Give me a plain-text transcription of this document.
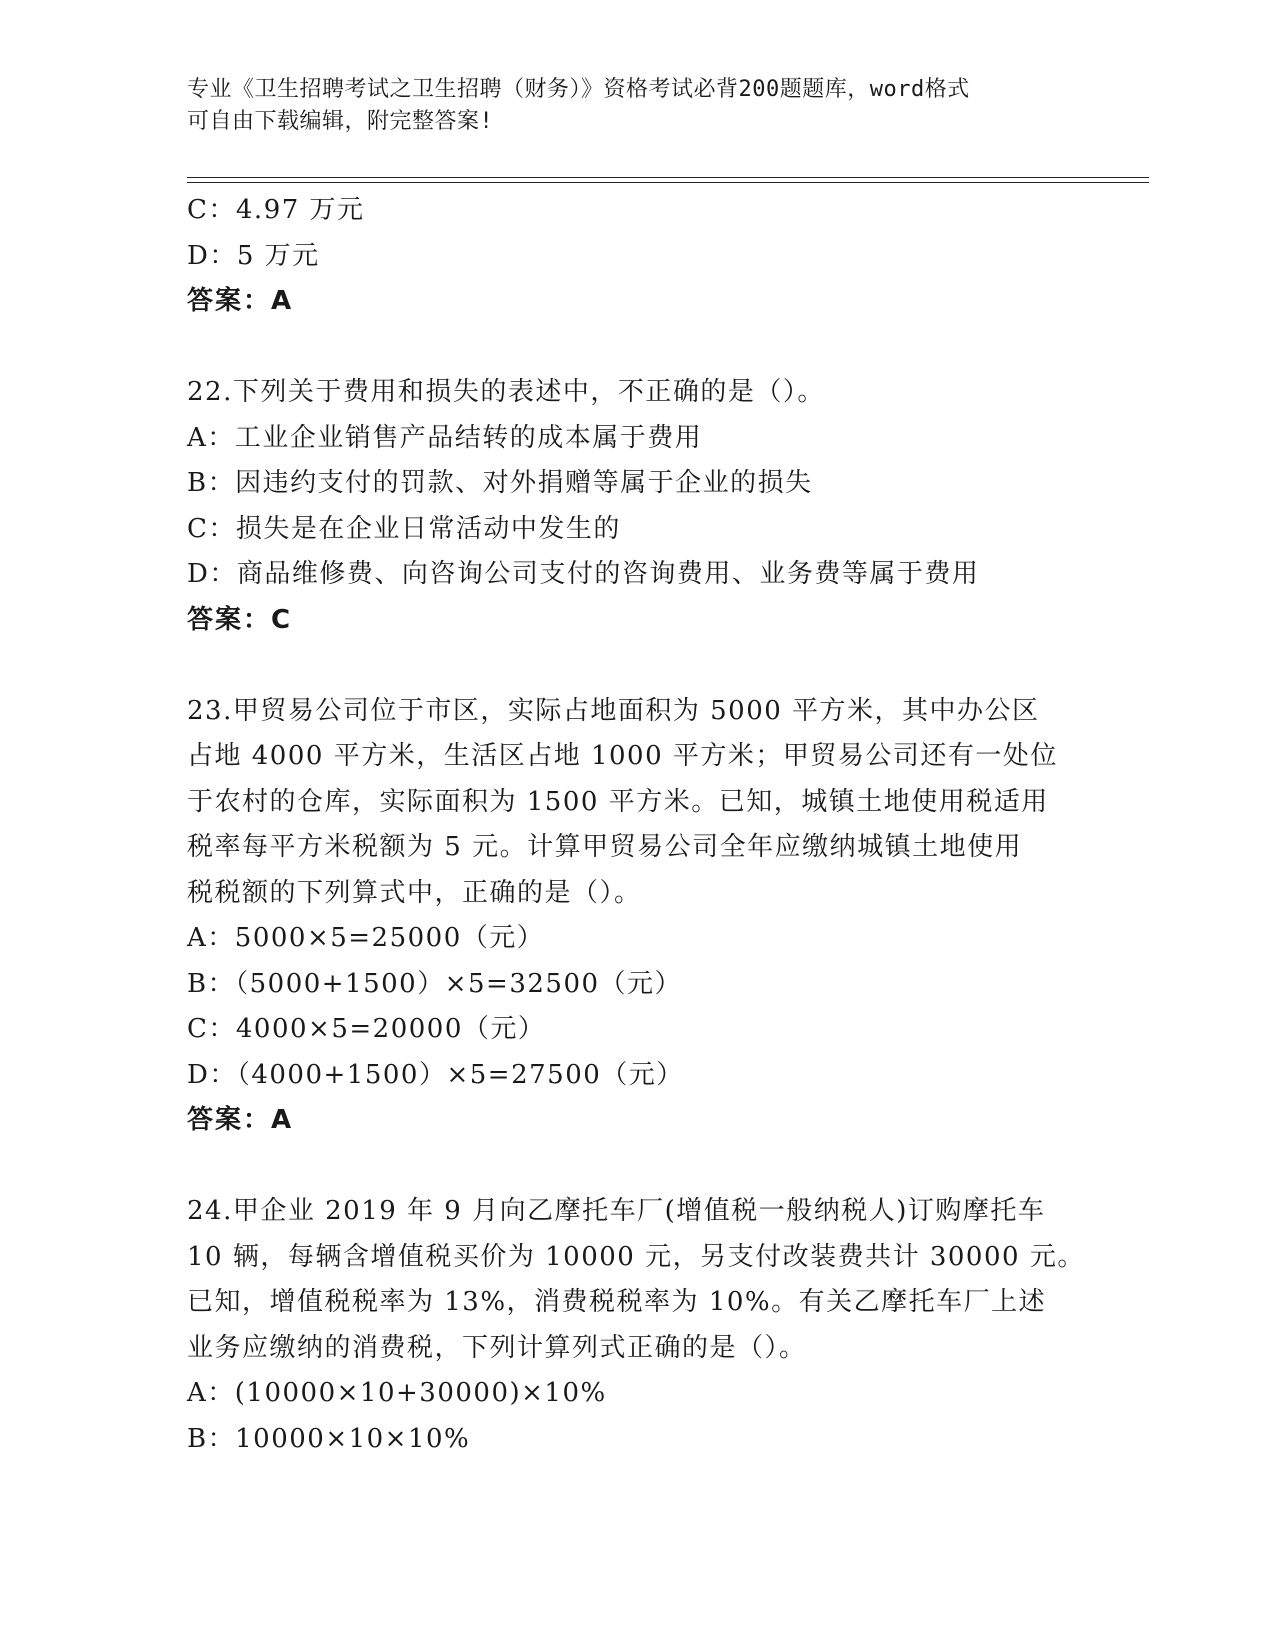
专业《卫生招聘考试之卫生招聘（财务）》资格考试必背200题题库，word格式
可自由下载编辑，附完整答案!
C：4.97 万元
D：5 万元
答案：A
22.下列关于费用和损失的表述中，不正确的是（）。
A：工业企业销售产品结转的成本属于费用
B：因违约支付的罚款、对外捐赠等属于企业的损失
C：损失是在企业日常活动中发生的
D：商品维修费、向咨询公司支付的咨询费用、业务费等属于费用
答案：C
23.甲贸易公司位于市区，实际占地面积为 5000 平方米，其中办公区
占地 4000 平方米，生活区占地 1000 平方米；甲贸易公司还有一处位
于农村的仓库，实际面积为 1500 平方米。已知，城镇土地使用税适用
税率每平方米税额为 5 元。计算甲贸易公司全年应缴纳城镇土地使用
税税额的下列算式中，正确的是（）。
A：5000×5=25000（元）
B：（5000+1500）×5=32500（元）
C：4000×5=20000（元）
D：（4000+1500）×5=27500（元）
答案：A
24.甲企业 2019 年 9 月向乙摩托车厂(增值税一般纳税人)订购摩托车
10 辆，每辆含增值税买价为 10000 元，另支付改装费共计 30000 元。
已知，增值税税率为 13%，消费税税率为 10%。有关乙摩托车厂上述
业务应缴纳的消费税，下列计算列式正确的是（）。
A：(10000×10+30000)×10%
B：10000×10×10%
